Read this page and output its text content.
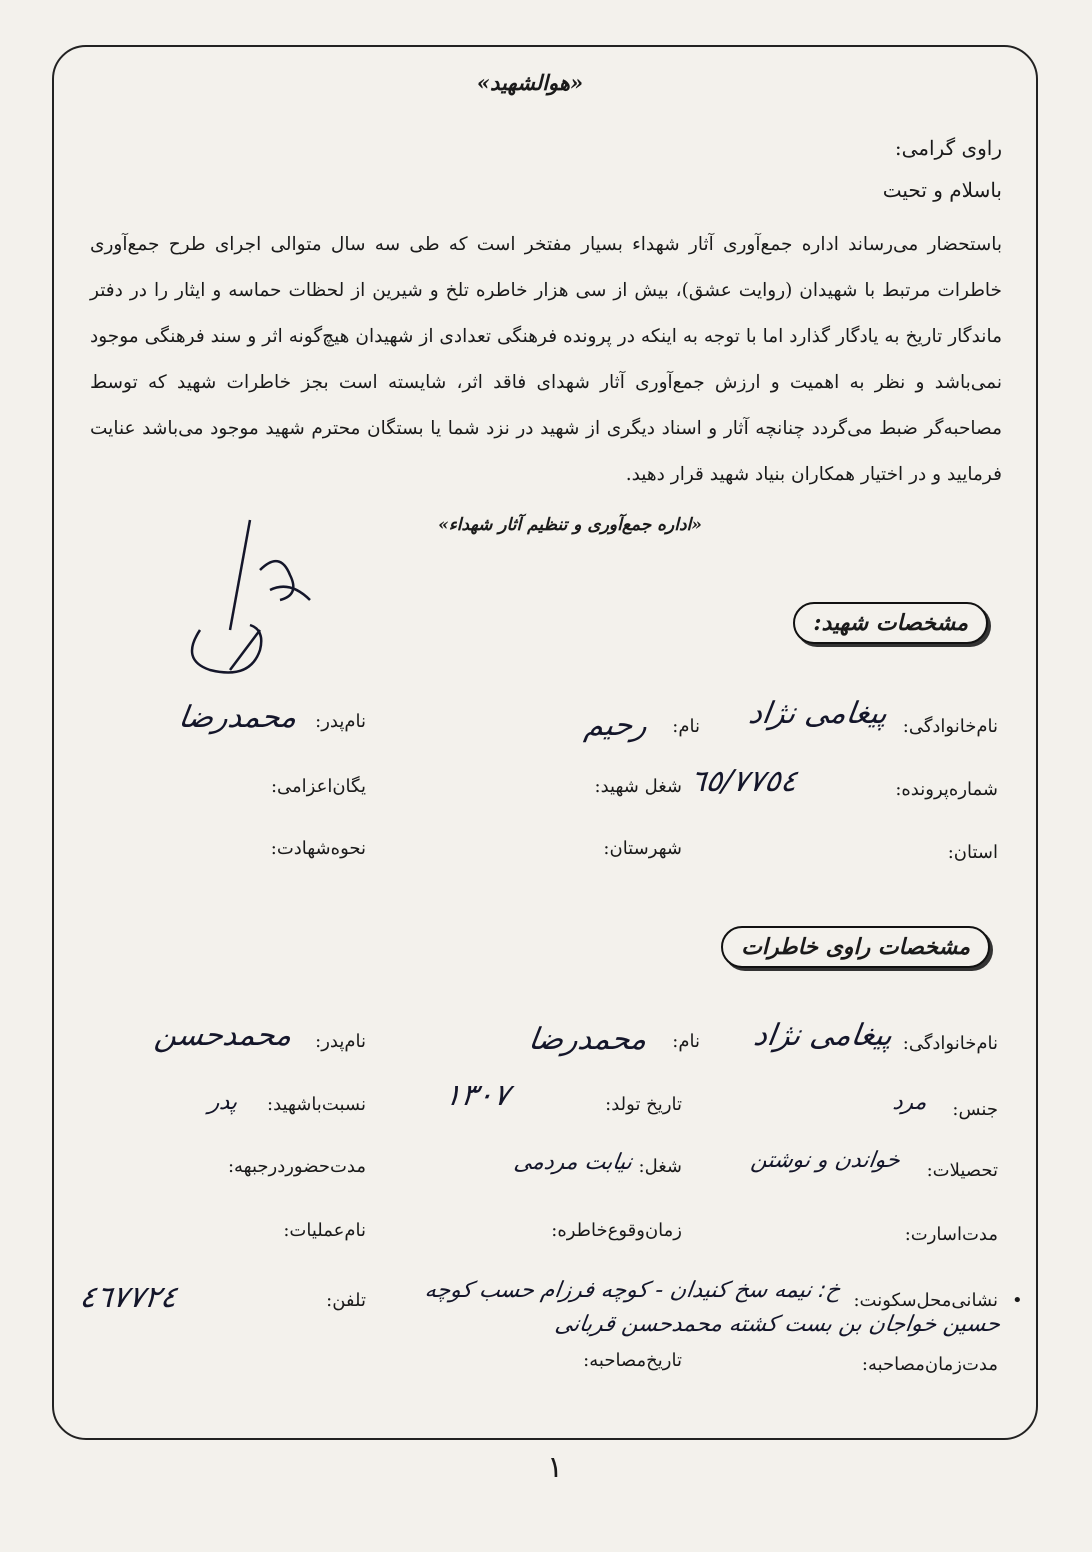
«هوالشهید»
راوی گرامی:
باسلام و تحیت
باستحضار می‌رساند اداره جمع‌آوری آثار شهداء بسیار مفتخر است که طی سه سال متوالی اجرای طرح جمع‌آوری خاطرات مرتبط با شهیدان (روایت عشق)، بیش از سی هزار خاطره تلخ و شیرین از لحظات حماسه و ایثار را در دفتر ماندگار تاریخ به یادگار گذارد اما با توجه به اینکه در پرونده فرهنگی تعدادی از شهیدان هیچ‌گونه اثر و سند فرهنگی موجود نمی‌باشد و نظر به اهمیت و ارزش جمع‌آوری آثار شهدای فاقد اثر، شایسته است بجز خاطرات شهید که توسط مصاحبه‌گر ضبط می‌گردد چنانچه آثار و اسناد دیگری از شهید در نزد شما یا بستگان محترم شهید موجود می‌باشد عنایت فرمایید و در اختیار همکاران بنیاد شهید قرار دهید.
«اداره جمع‌آوری و تنظیم آثار شهداء»
مشخصات شهید:
نام‌خانوادگی:
پیغامی نژاد
نام:
رحیم
نام‌پدر:
محمدرضا
شماره‌پرونده:
٦٥/٧٧٥٤
شغل شهید:
یگان‌اعزامی:
استان:
شهرستان:
نحوه‌شهادت:
مشخصات راوی خاطرات
نام‌خانوادگی:
پیغامی نژاد
نام:
محمدرضا
نام‌پدر:
محمدحسن
جنس:
مرد
تاریخ تولد:
١٣٠٧
نسبت‌باشهید:
پدر
تحصیلات:
خواندن و نوشتن
شغل:
نیابت مردمی
مدت‌حضوردرجبهه:
مدت‌اسارت:
زمان‌وقوع‌خاطره:
نام‌عملیات:
•
نشانی‌محل‌سکونت:
خ: نیمه سخ کنیدان - کوچه فرزام حسب کوچه
تلفن:
٤٦٧٧٢٤
حسین خواجان بن بست کشته محمدحسن قربانی
مدت‌زمان‌مصاحبه:
تاریخ‌مصاحبه:
١
